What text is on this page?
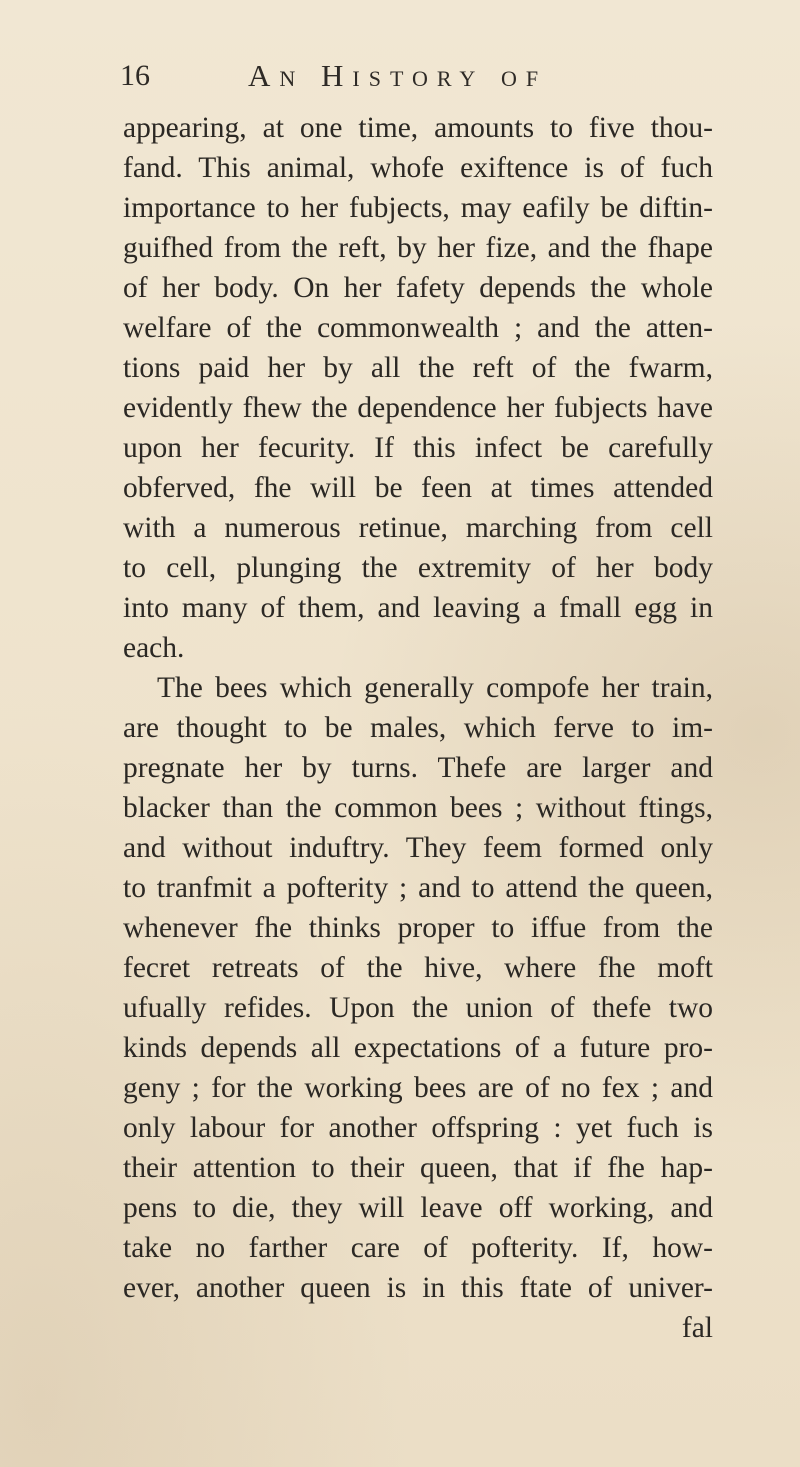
16	An History of
appearing, at one time, amounts to five thou-
fand. This animal, whofe exiftence is of fuch
importance to her fubjects, may eafily be diftin-
guifhed from the reft, by her fize, and the fhape
of her body. On her fafety depends the whole
welfare of the commonwealth ; and the atten-
tions paid her by all the reft of the fwarm,
evidently fhew the dependence her fubjects have
upon her fecurity. If this infect be carefully
obferved, fhe will be feen at times attended
with a numerous retinue, marching from cell
to cell, plunging the extremity of her body
into many of them, and leaving a fmall egg in
each.
The bees which generally compofe her train,
are thought to be males, which ferve to im-
pregnate her by turns. Thefe are larger and
blacker than the common bees ; without ftings,
and without induftry. They feem formed only
to tranfmit a pofterity ; and to attend the queen,
whenever fhe thinks proper to iffue from the
fecret retreats of the hive, where fhe moft
ufually refides. Upon the union of thefe two
kinds depends all expectations of a future pro-
geny ; for the working bees are of no fex ; and
only labour for another offspring : yet fuch is
their attention to their queen, that if fhe hap-
pens to die, they will leave off working, and
take no farther care of pofterity. If, how-
ever, another queen is in this ftate of univer-
fal
